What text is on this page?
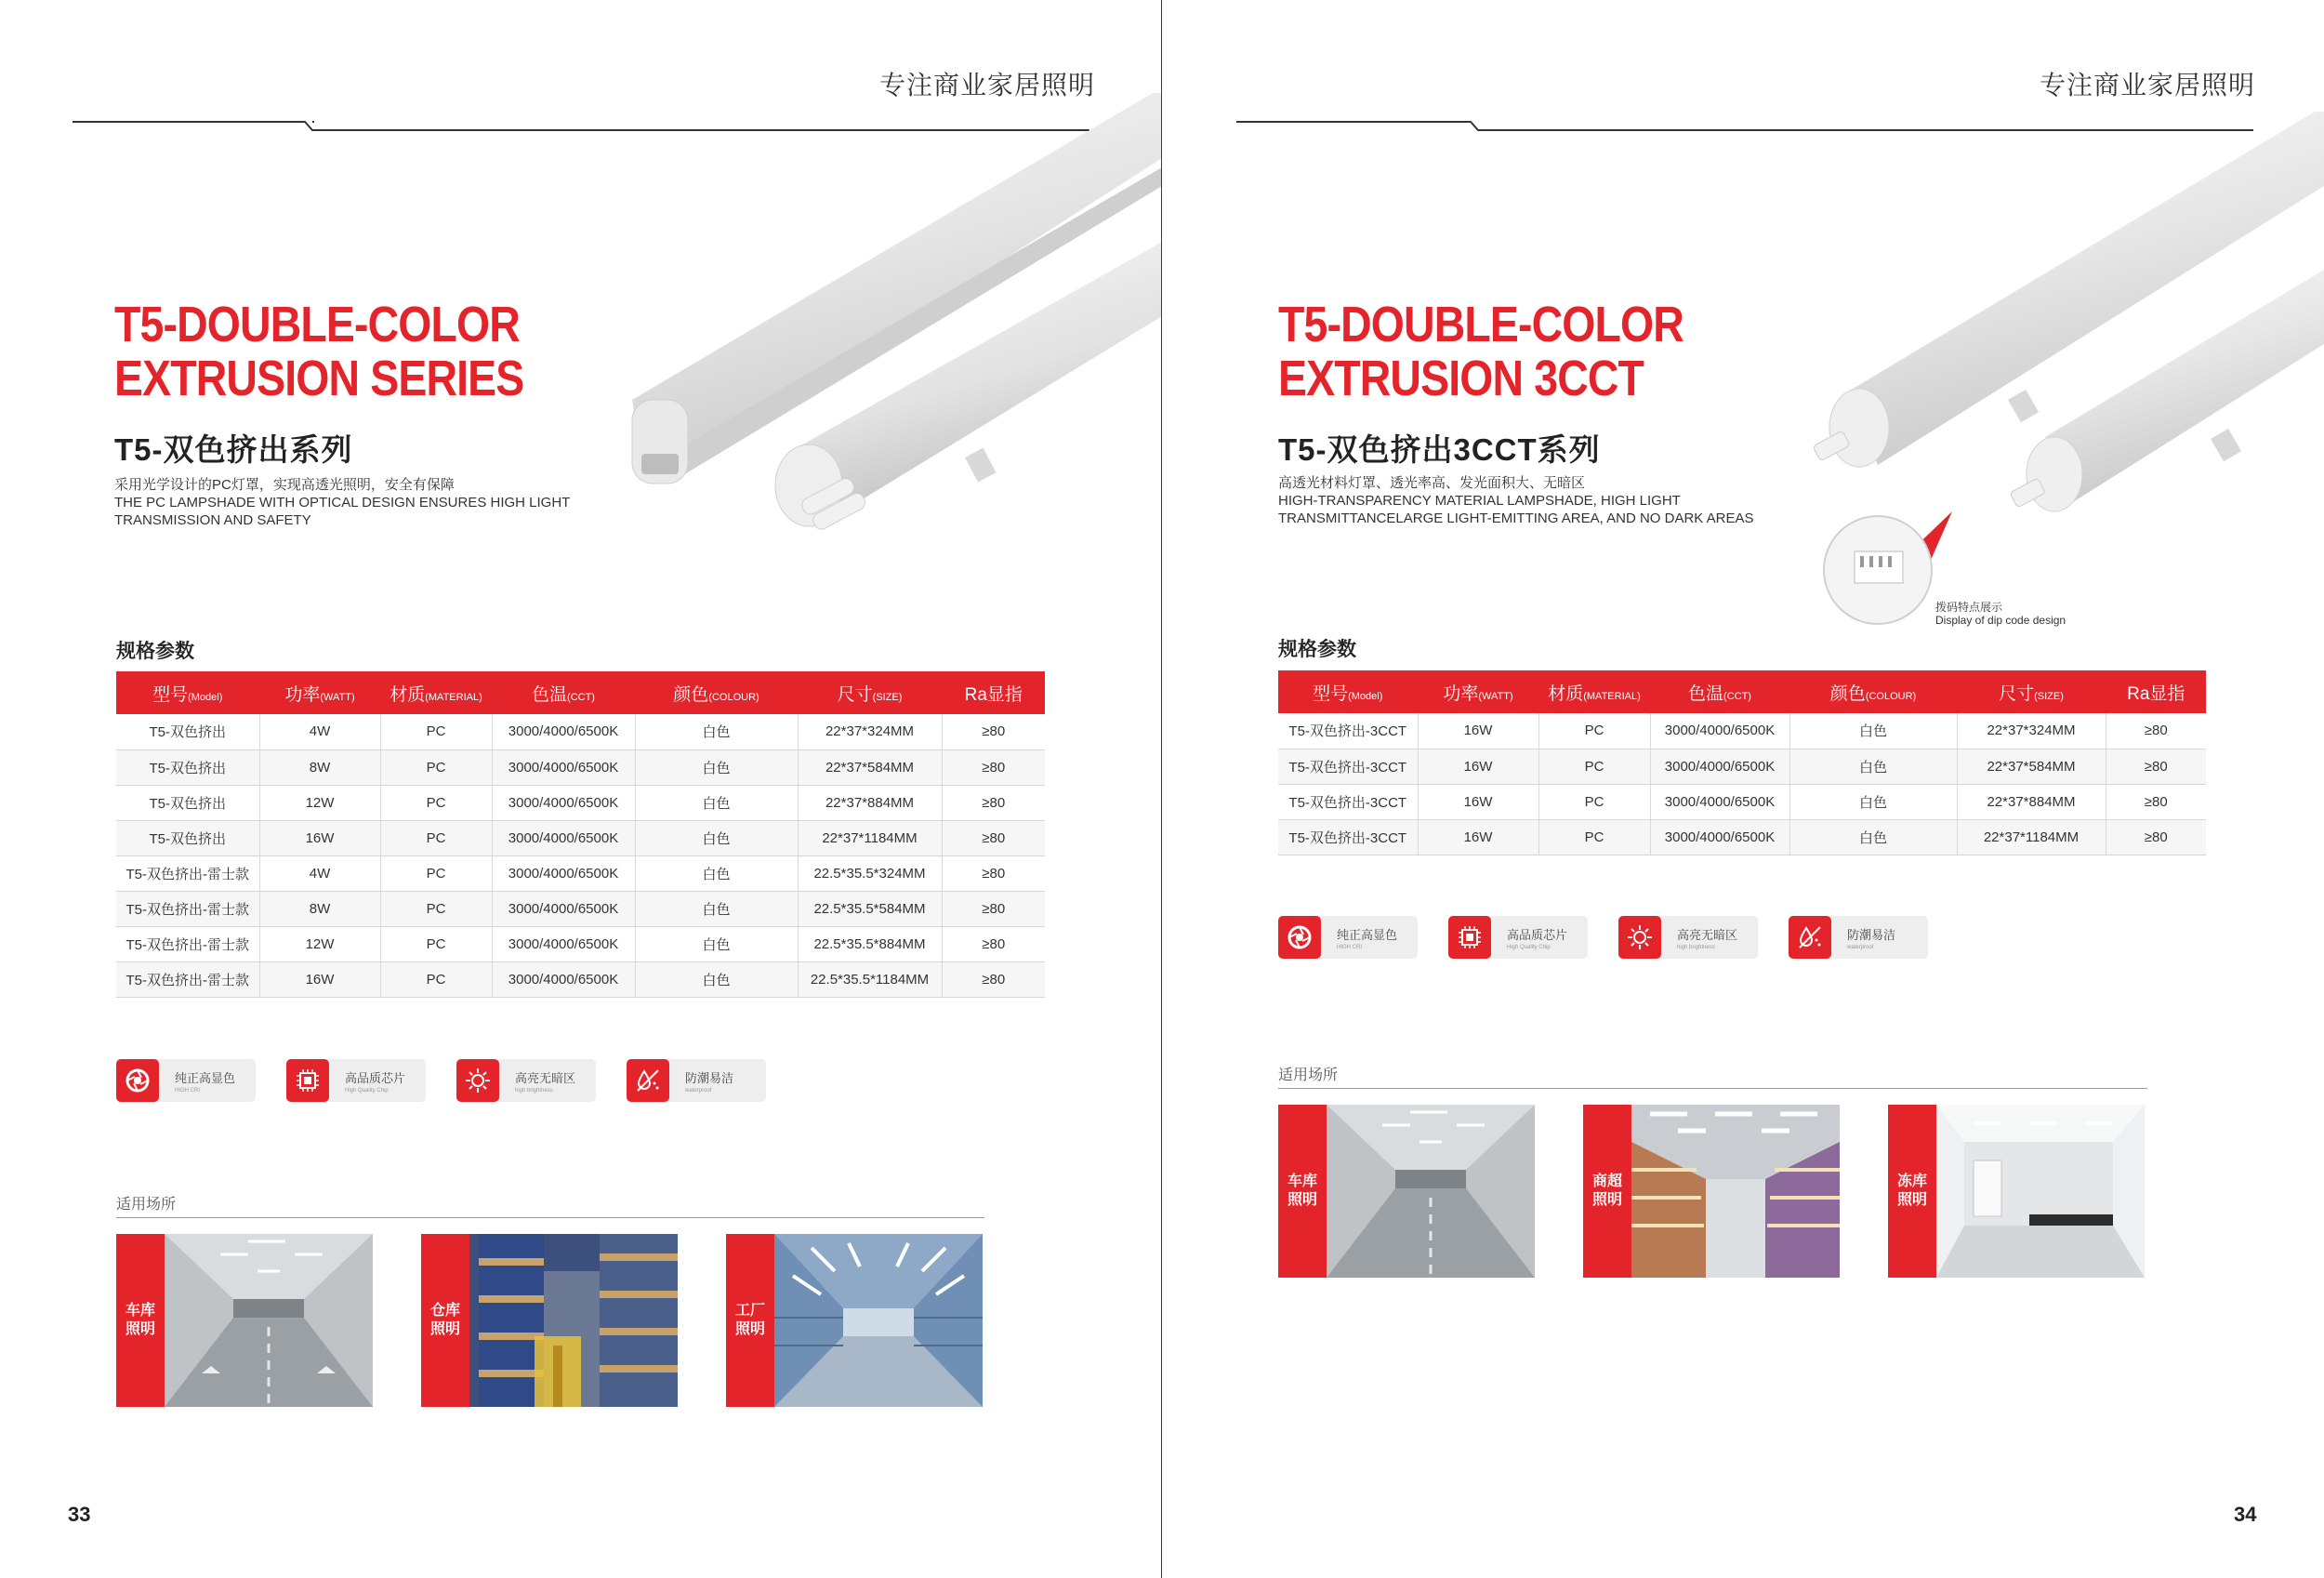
专注商业家居照明
T5-DOUBLE-COLOR
EXTRUSION SERIES
T5-双色挤出系列
采用光学设计的PC灯罩，实现高透光照明，安全有保障
THE PC LAMPSHADE WITH OPTICAL DESIGN ENSURES HIGH LIGHT
TRANSMISSION AND SAFETY
规格参数
型号(Model)	功率(WATT)	材质(MATERIAL)	色温(CCT)	颜色(COLOUR)	尺寸(SIZE)	Ra显指
T5-双色挤出	4W	PC	3000/4000/6500K	白色	22*37*324MM	≥80
T5-双色挤出	8W	PC	3000/4000/6500K	白色	22*37*584MM	≥80
T5-双色挤出	12W	PC	3000/4000/6500K	白色	22*37*884MM	≥80
T5-双色挤出	16W	PC	3000/4000/6500K	白色	22*37*1184MM	≥80
T5-双色挤出-雷士款	4W	PC	3000/4000/6500K	白色	22.5*35.5*324MM	≥80
T5-双色挤出-雷士款	8W	PC	3000/4000/6500K	白色	22.5*35.5*584MM	≥80
T5-双色挤出-雷士款	12W	PC	3000/4000/6500K	白色	22.5*35.5*884MM	≥80
T5-双色挤出-雷士款	16W	PC	3000/4000/6500K	白色	22.5*35.5*1184MM	≥80
纯正高显色
HIGH CRI
高品质芯片
High Quality Chip
高亮无暗区
high brightness
防潮易洁
waterproof
适用场所
车库
照明
仓库
照明
工厂
照明
33
专注商业家居照明
拨码特点展示
Display of dip code design
T5-DOUBLE-COLOR
EXTRUSION 3CCT
T5-双色挤出3CCT系列
高透光材料灯罩、透光率高、发光面积大、无暗区
HIGH-TRANSPARENCY MATERIAL LAMPSHADE, HIGH LIGHT
TRANSMITTANCELARGE LIGHT-EMITTING AREA, AND NO DARK AREAS
规格参数
型号(Model)	功率(WATT)	材质(MATERIAL)	色温(CCT)	颜色(COLOUR)	尺寸(SIZE)	Ra显指
T5-双色挤出-3CCT	16W	PC	3000/4000/6500K	白色	22*37*324MM	≥80
T5-双色挤出-3CCT	16W	PC	3000/4000/6500K	白色	22*37*584MM	≥80
T5-双色挤出-3CCT	16W	PC	3000/4000/6500K	白色	22*37*884MM	≥80
T5-双色挤出-3CCT	16W	PC	3000/4000/6500K	白色	22*37*1184MM	≥80
纯正高显色
HIGH CRI
高品质芯片
High Quality Chip
高亮无暗区
high brightness
防潮易洁
waterproof
适用场所
车库
照明
商超
照明
冻库
照明
34
